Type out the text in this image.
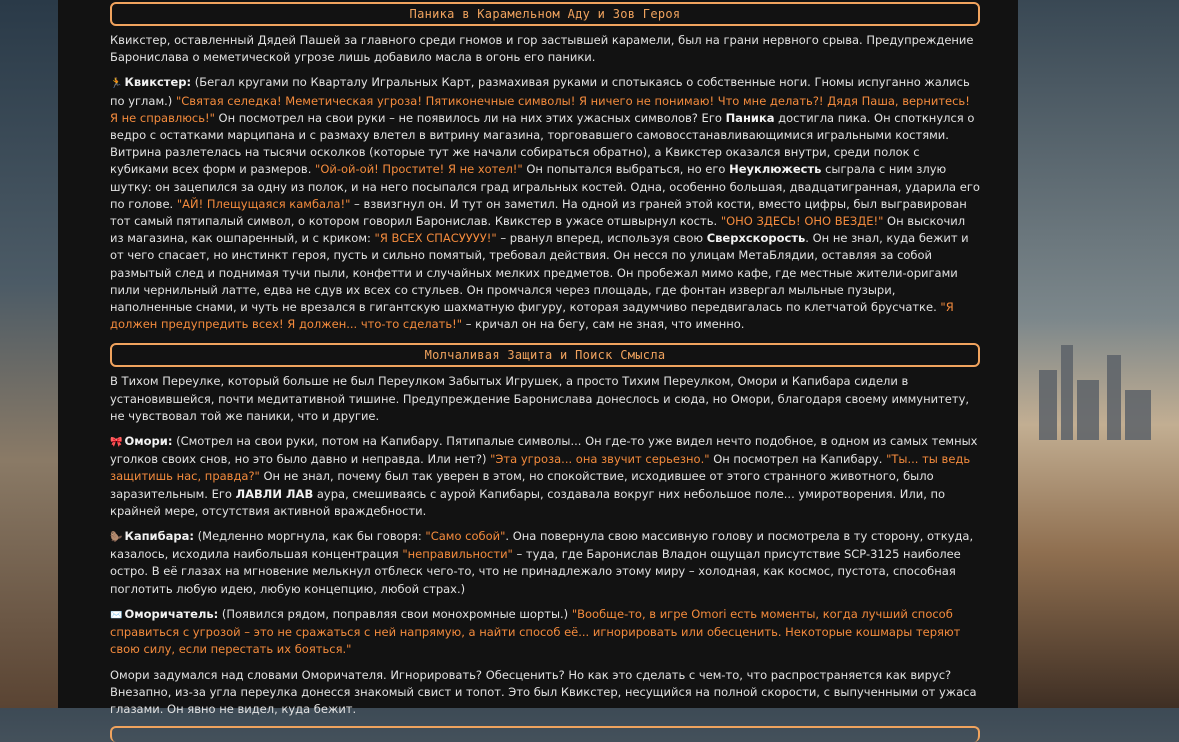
Паника в Карамельном Аду и Зов Героя

Квикстер, оставленный Дядей Пашей за главного среди гномов и гор застывшей карамели, был на грани нервного срыва. Предупреждение Баронислава о меметической угрозе лишь добавило масла в огонь его паники.

🏃 Квикстер: (Бегал кругами по Кварталу Игральных Карт, размахивая руками и спотыкаясь о собственные ноги. Гномы испуганно жались по углам.) "Святая селедка! Меметическая угроза! Пятиконечные символы! Я ничего не понимаю! Что мне делать?! Дядя Паша, вернитесь! Я не справлюсь!" Он посмотрел на свои руки – не появилось ли на них этих ужасных символов? Его Паника достигла пика. Он споткнулся о ведро с остатками марципана и с размаху влетел в витрину магазина, торговавшего самовосстанавливающимися игральными костями. Витрина разлетелась на тысячи осколков (которые тут же начали собираться обратно), а Квикстер оказался внутри, среди полок с кубиками всех форм и размеров. "Ой-ой-ой! Простите! Я не хотел!" Он попытался выбраться, но его Неуклюжесть сыграла с ним злую шутку: он зацепился за одну из полок, и на него посыпался град игральных костей. Одна, особенно большая, двадцатигранная, ударила его по голове. "АЙ! Плещущаяся камбала!" – взвизгнул он. И тут он заметил. На одной из граней этой кости, вместо цифры, был выгравирован тот самый пятипалый символ, о котором говорил Баронислав. Квикстер в ужасе отшвырнул кость. "ОНО ЗДЕСЬ! ОНО ВЕЗДЕ!" Он выскочил из магазина, как ошпаренный, и с криком: "Я ВСЕХ СПАСУУУУ!" – рванул вперед, используя свою Сверхскорость. Он не знал, куда бежит и от чего спасает, но инстинкт героя, пусть и сильно помятый, требовал действия. Он несся по улицам МетаБлядии, оставляя за собой размытый след и поднимая тучи пыли, конфетти и случайных мелких предметов. Он пробежал мимо кафе, где местные жители-оригами пили чернильный латте, едва не сдув их всех со стульев. Он промчался через площадь, где фонтан извергал мыльные пузыри, наполненные снами, и чуть не врезался в гигантскую шахматную фигуру, которая задумчиво передвигалась по клетчатой брусчатке. "Я должен предупредить всех! Я должен... что-то сделать!" – кричал он на бегу, сам не зная, что именно.

Молчаливая Защита и Поиск Смысла

В Тихом Переулке, который больше не был Переулком Забытых Игрушек, а просто Тихим Переулком, Омори и Капибара сидели в установившейся, почти медитативной тишине. Предупреждение Баронислава донеслось и сюда, но Омори, благодаря своему иммунитету, не чувствовал той же паники, что и другие.

🎀 Омори: (Смотрел на свои руки, потом на Капибару. Пятипалые символы... Он где-то уже видел нечто подобное, в одном из самых темных уголков своих снов, но это было давно и неправда. Или нет?) "Эта угроза... она звучит серьезно." Он посмотрел на Капибару. "Ты... ты ведь защитишь нас, правда?" Он не знал, почему был так уверен в этом, но спокойствие, исходившее от этого странного животного, было заразительным. Его ЛАВЛИ ЛАВ аура, смешиваясь с аурой Капибары, создавала вокруг них небольшое поле... умиротворения. Или, по крайней мере, отсутствия активной враждебности.

🦫 Капибара: (Медленно моргнула, как бы говоря: "Само собой". Она повернула свою массивную голову и посмотрела в ту сторону, откуда, казалось, исходила наибольшая концентрация "неправильности" – туда, где Баронислав Владон ощущал присутствие SCP-3125 наиболее остро. В её глазах на мгновение мелькнул отблеск чего-то, что не принадлежало этому миру – холодная, как космос, пустота, способная поглотить любую идею, любую концепцию, любой страх.)

✉️ Оморичатель: (Появился рядом, поправляя свои монохромные шорты.) "Вообще-то, в игре Omori есть моменты, когда лучший способ справиться с угрозой – это не сражаться с ней напрямую, а найти способ её... игнорировать или обесценить. Некоторые кошмары теряют свою силу, если перестать их бояться."

Омори задумался над словами Оморичателя. Игнорировать? Обесценить? Но как это сделать с чем-то, что распространяется как вирус? Внезапно, из-за угла переулка донесся знакомый свист и топот. Это был Квикстер, несущийся на полной скорости, с выпученными от ужаса глазами. Он явно не видел, куда бежит.
